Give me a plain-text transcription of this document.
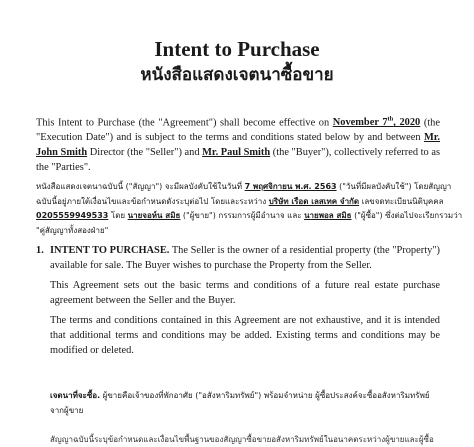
Intent to Purchase
หนังสือแสดงเจตนาซื้อขาย

This Intent to Purchase (the "Agreement") shall become effective on November 7th, 2020 (the "Execution Date") and is subject to the terms and conditions stated below by and between Mr. John Smith Director (the "Seller") and Mr. Paul Smith (the "Buyer"), collectively referred to as the "Parties".

หนังสือแสดงเจตนาฉบับนี้ ("สัญญา") จะมีผลบังคับใช้ในวันที่ 7 พฤศจิกายน พ.ศ. 2563 ("วันที่มีผลบังคับใช้") โดยสัญญา
ฉบับนี้อยู่ภายใต้เงื่อนไขและข้อกำหนดดังระบุต่อไป โดยและระหว่าง บริษัท เรือด เลสเทค จำกัด เลขจดทะเบียนนิติบุคคล
0205559949533 โดย นายจอห์น สมิธ ("ผู้ขาย") กรรมการผู้มีอำนาจ และ นายพอล สมิธ ("ผู้ซื้อ") ซึ่งต่อไปจะเรียกรวมว่า
"คู่สัญญาทั้งสองฝ่าย"

1. INTENT TO PURCHASE. The Seller is the owner of a residential property (the "Property") available for sale. The Buyer wishes to purchase the Property from the Seller.

This Agreement sets out the basic terms and conditions of a future real estate purchase agreement between the Seller and the Buyer.

The terms and conditions contained in this Agreement are not exhaustive, and it is intended that additional terms and conditions may be added. Existing terms and conditions may be modified or deleted.

เจตนาที่จะซื้อ. ผู้ขายคือเจ้าของที่พักอาศัย ("อสังหาริมทรัพย์") พร้อมจำหน่าย ผู้ซื้อประสงค์จะซื้ออสังหาริมทรัพย์
จากผู้ขาย

สัญญาฉบับนี้ระบุข้อกำหนดและเงื่อนไขพื้นฐานของสัญญาซื้อขายอสังหาริมทรัพย์ในอนาคตระหว่างผู้ขายและผู้ซื้อ
